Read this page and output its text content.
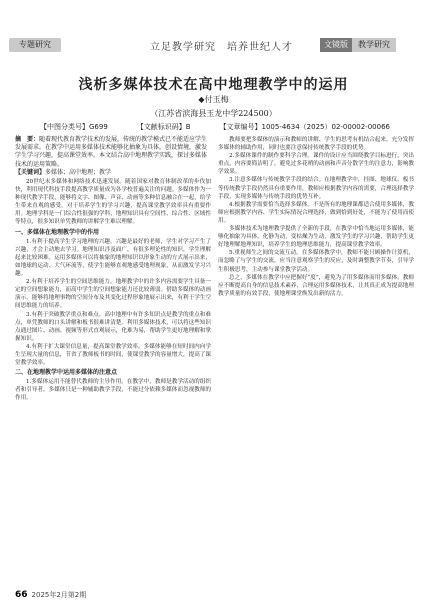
专题研究	立足教学研究　培养世纪人才	文镜版	教学研究
浅析多媒体技术在高中地理教学中的运用
◆付玉梅
（江苏省滨海县玉龙中学224500）
【中图分类号】G699	【文献标识码】B	【文章编号】1005-4634（2025）02-00002-00066
摘　要：随着现代教育教学技术的发展，传统的教学模式已不能适应学生发展需求。在教学中运用多媒体技术能够化抽象为具体，创设情境，激发学生学习兴趣，提高课堂效率。本文结合高中地理教学实践，探讨多媒体技术的运用策略。
【关键词】多媒体；高中地理；教学

20世纪末多媒体和网络技术迅速发展。随着国家对教育体制改革的步伐加快，利用现代科技手段提高教学质量成为各学校普遍关注的问题。多媒体作为一种现代教学手段，能够将文字、图像、声音、动画等多种信息融合在一起，给学生带来直观的感受，对于培养学生的学习兴趣，提高课堂教学效率具有重要作用。地理学科是一门综合性很强的学科，地理知识具有空间性、综合性、区域性等特点，很多知识单凭教师的讲解学生难以理解。

一、多媒体在地理教学中的作用

1.有利于提高学生学习地理的兴趣。兴趣是最好的老师，学生对学习产生了兴趣，才会主动地去学习。地理知识涉及面广，有很多理论性的知识，学生理解起来比较困难。运用多媒体可以将抽象的地理知识以形象生动的方式展示出来，如地球的运动、大气环流等，使学生能够直观地感受地理现象，从而激发学习兴趣。

2.有利于培养学生的空间思维能力。地理教学中的许多内容需要学生具备一定的空间想象能力，而高中学生的空间想象能力还比较薄弱。借助多媒体的动画演示，能够将地理事物的空间分布及其变化过程形象地展示出来，有利于学生空间思维能力的培养。

3.有利于突破教学重点和难点。高中地理中有许多知识点是教学的重点和难点，单凭教师的口头讲解和板书很难讲清楚。利用多媒体技术，可以将这些知识点通过图片、动画、视频等形式直观展示，化难为易，帮助学生更好地理解和掌握知识。

4.有利于扩大课堂信息量，提高课堂教学效率。多媒体能够在短时间内向学生呈现大量的信息，节省了教师板书的时间，使课堂教学的容量增大，提高了课堂教学效率。

二、在地理教学中运用多媒体的注意点

1.多媒体运用不能替代教师的主导作用。在教学中，教师是教学活动的组织者和引导者，多媒体只是一种辅助教学手段，不能过分依赖多媒体而忽视教师的作用。

教师要把多媒体的演示和教师的讲解、学生的思考有机结合起来，充分发挥多媒体的辅助作用，同时也要注意保持传统教学手段的优势。

2.多媒体课件的制作要科学合理。课件的设计应当围绕教学目标进行，突出重点，内容要简洁明了，避免过多花哨的动画和声音分散学生的注意力，影响教学效果。

3.注意多媒体与传统教学手段的结合。在地理教学中，挂图、地球仪、板书等传统教学手段仍然具有重要作用，教师应根据教学内容的需要，合理选择教学手段，实现多媒体与传统手段的优势互补。

4.根据教学需要恰当选择多媒体。不是所有的地理课都适合使用多媒体，教师应根据教学内容、学生实际情况合理选择，做到恰到好处，不能为了使用而使用。

多媒体技术为地理教学提供了全新的手段，在教学中恰当地运用多媒体，能够化抽象为具体，化静为动，变枯燥为生动，激发学生的学习兴趣，帮助学生更好地理解地理知识，培养学生的地理思维能力，提高课堂教学效率。

5.重视师生之间的交流互动。在多媒体教学中，教师不能只顾操作计算机，而忽略了与学生的交流，应当注意观察学生的反应，及时调整教学节奏，引导学生积极思考，主动参与课堂教学活动。

总之，多媒体在教学中应把握好“度”，避免为了用多媒体而用多媒体。教师应不断提高自身的信息技术素养，合理运用多媒体技术，让其真正成为提高地理教学质量的有效手段，使地理课堂焕发出新的活力。

66 2025年2月第2期
